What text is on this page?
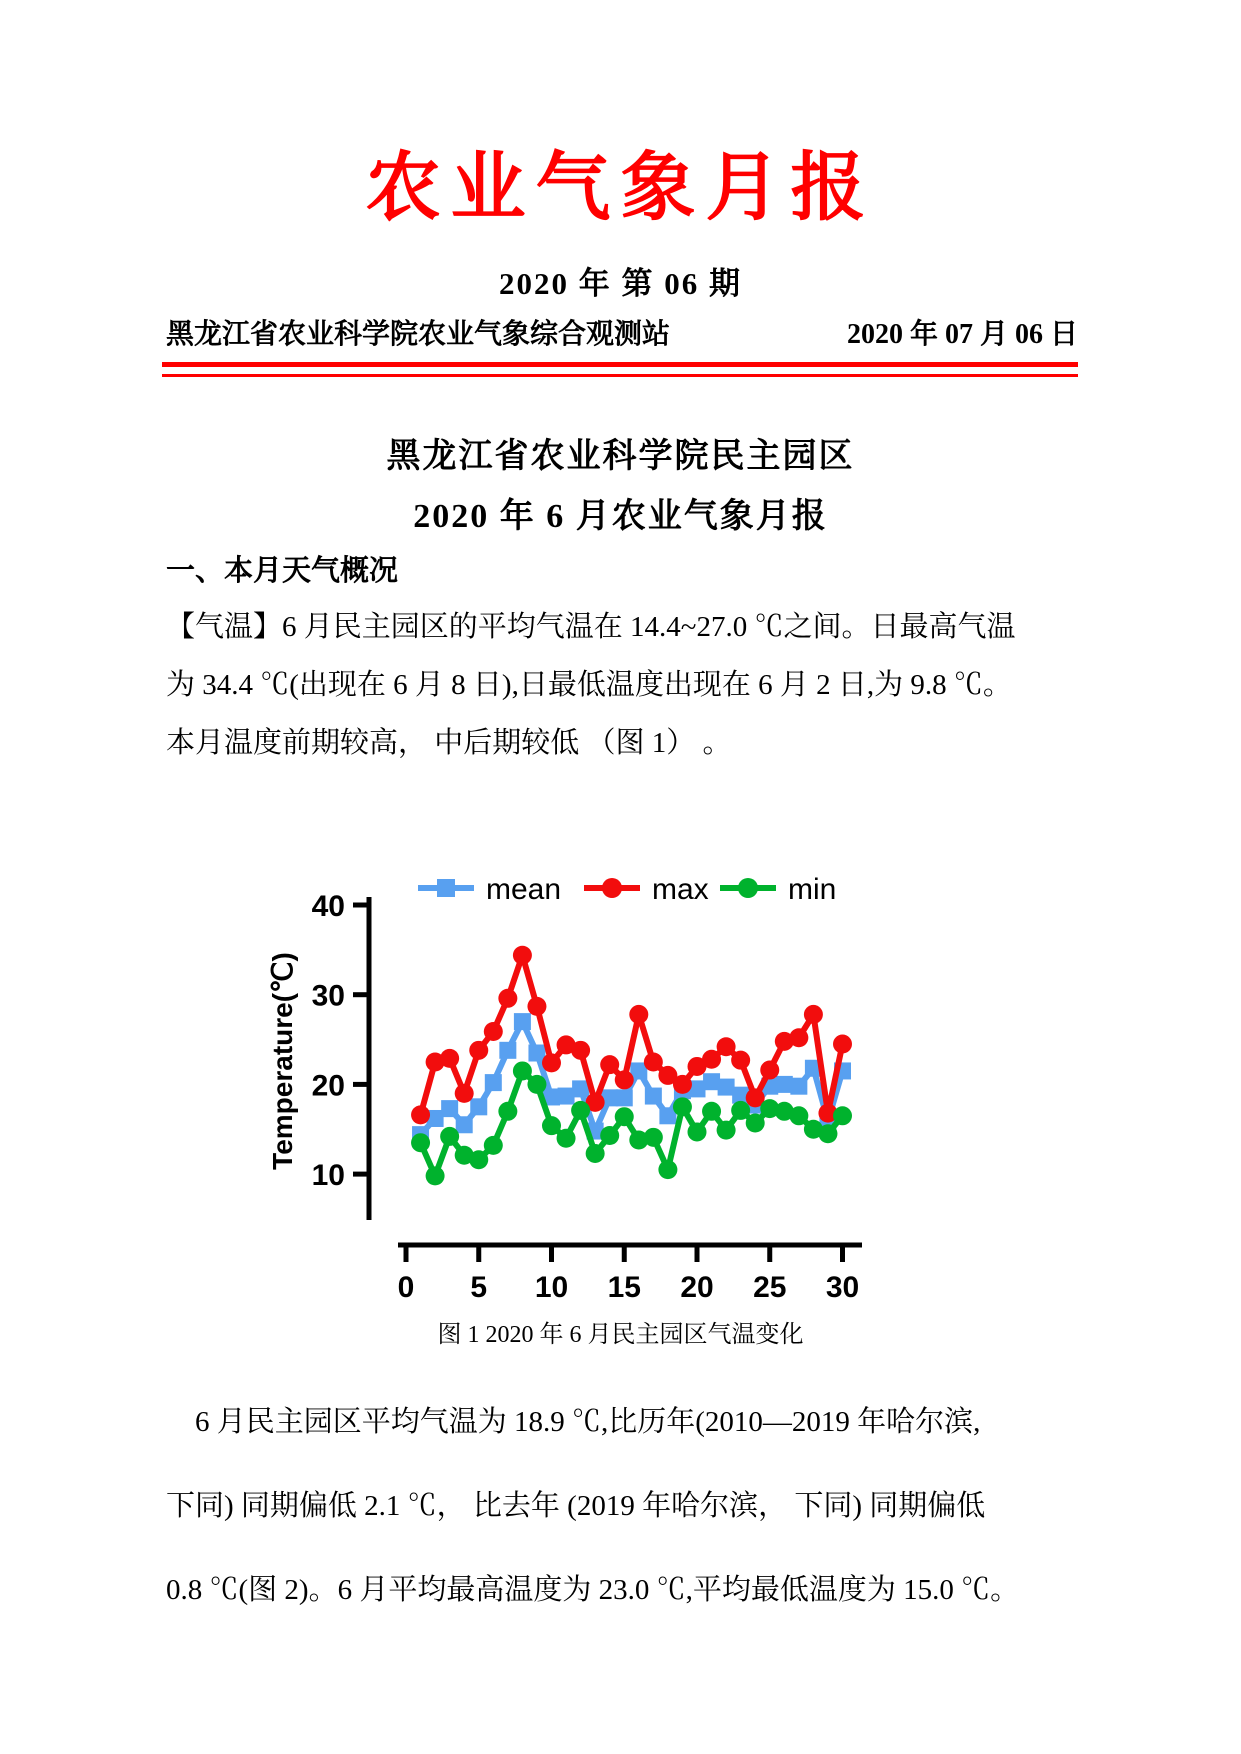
农业气象月报
2020 年 第 06 期
黑龙江省农业科学院农业气象综合观测站	2020 年 07 月 06 日
黑龙江省农业科学院民主园区
2020 年 6 月农业气象月报
一、本月天气概况
【气温】6 月民主园区的平均气温在 14.4~27.0 ℃之间。日最高气温
为 34.4 ℃(出现在 6 月 8 日),日最低温度出现在 6 月 2 日,为 9.8 ℃。
本月温度前期较高， 中后期较低 （图 1） 。
10
20
30
40
0 5 10 15 20 25 30
Temperature(℃)
mean	max	min
图 1 2020 年 6 月民主园区气温变化
6 月民主园区平均气温为 18.9 ℃,比历年(2010—2019 年哈尔滨,
下同) 同期偏低 2.1 ℃， 比去年 (2019 年哈尔滨， 下同) 同期偏低
0.8 ℃(图 2)。6 月平均最高温度为 23.0 ℃,平均最低温度为 15.0 ℃。
